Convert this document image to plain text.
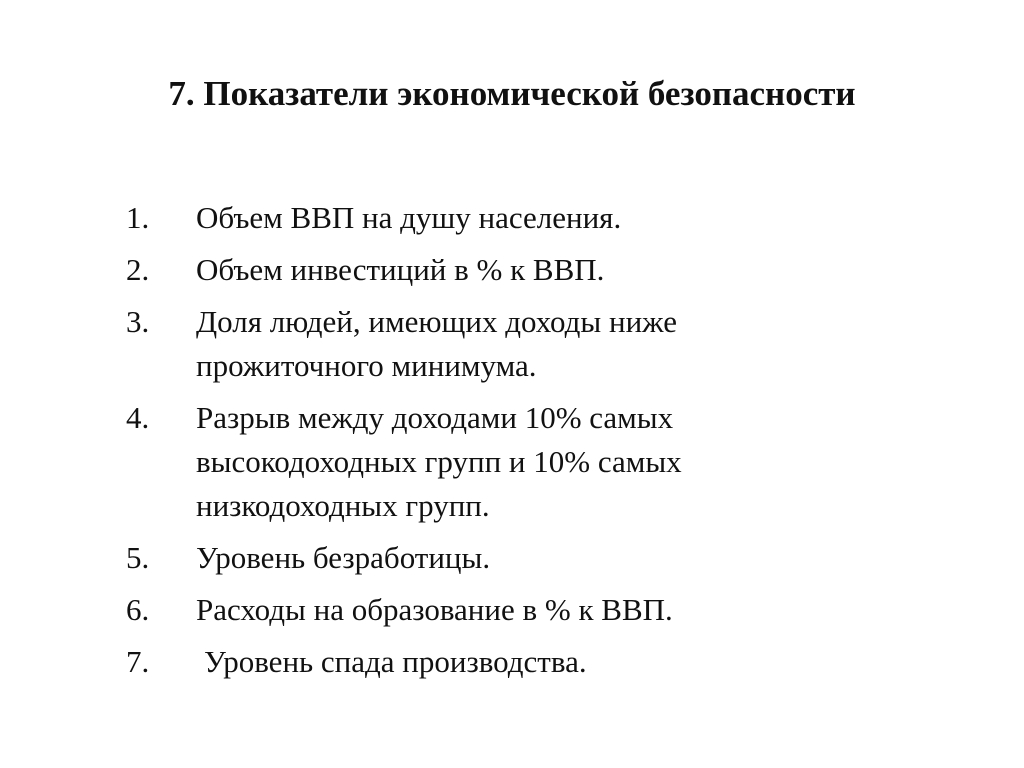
7. Показатели экономической безопасности
1.	Объем ВВП на душу населения.
2.	Объем инвестиций в % к ВВП.
3.	Доля людей, имеющих доходы ниже
прожиточного минимума.
4.	Разрыв между доходами 10% самых
высокодоходных групп и 10% самых
низкодоходных групп.
5.	Уровень безработицы.
6.	Расходы на образование в % к ВВП.
7.	Уровень спада производства.
